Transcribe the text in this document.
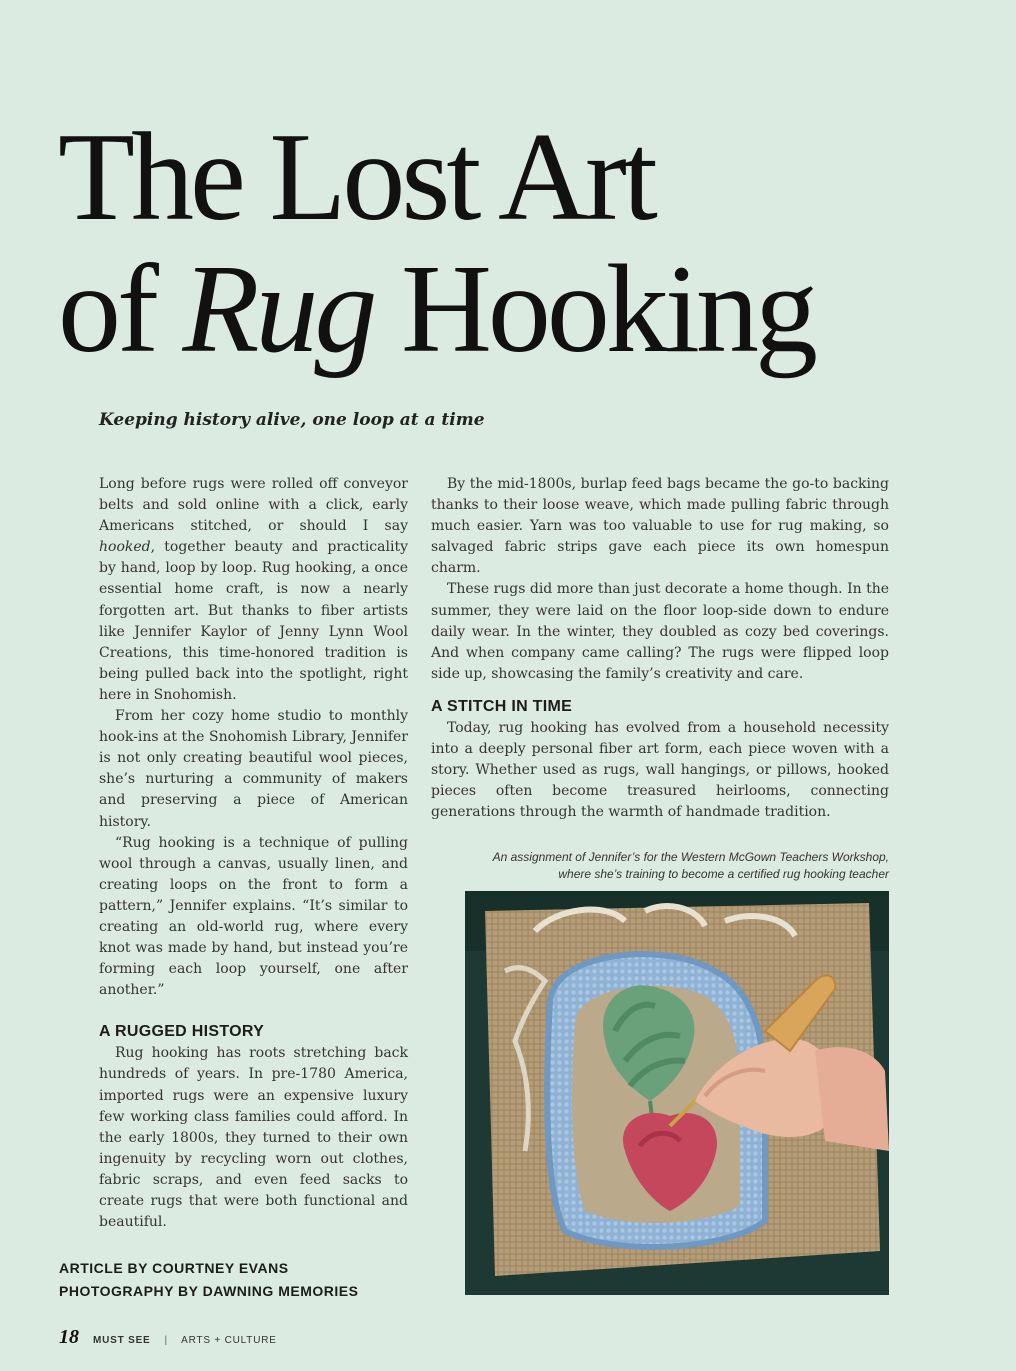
The Lost Art
of Rug Hooking
Keeping history alive, one loop at a time

Long before rugs were rolled off conveyor belts and sold online with a click, early Americans stitched, or should I say hooked, together beauty and practicality by hand, loop by loop. Rug hooking, a once essential home craft, is now a nearly forgotten art. But thanks to fiber artists like Jennifer Kaylor of Jenny Lynn Wool Creations, this time-honored tradition is being pulled back into the spotlight, right here in Snohomish.

From her cozy home studio to monthly hook-ins at the Snohomish Library, Jennifer is not only creating beautiful wool pieces, she’s nurturing a community of makers and preserving a piece of American history.

“Rug hooking is a technique of pulling wool through a canvas, usually linen, and creating loops on the front to form a pattern,” Jennifer explains. “It’s similar to creating an old-world rug, where every knot was made by hand, but instead you’re forming each loop yourself, one after another.”

A RUGGED HISTORY

Rug hooking has roots stretching back hundreds of years. In pre-1780 America, imported rugs were an expensive luxury few working class families could afford. In the early 1800s, they turned to their own ingenuity by recycling worn out clothes, fabric scraps, and even feed sacks to create rugs that were both functional and beautiful.

By the mid-1800s, burlap feed bags became the go-to backing thanks to their loose weave, which made pulling fabric through much easier. Yarn was too valuable to use for rug making, so salvaged fabric strips gave each piece its own homespun charm.

These rugs did more than just decorate a home though. In the summer, they were laid on the floor loop-side down to endure daily wear. In the winter, they doubled as cozy bed coverings. And when company came calling? The rugs were flipped loop side up, showcasing the family’s creativity and care.

A STITCH IN TIME

Today, rug hooking has evolved from a household necessity into a deeply personal fiber art form, each piece woven with a story. Whether used as rugs, wall hangings, or pillows, hooked pieces often become treasured heirlooms, connecting generations through the warmth of handmade tradition.

An assignment of Jennifer’s for the Western McGown Teachers Workshop,
where she’s training to become a certified rug hooking teacher
ARTICLE BY COURTNEY EVANS
PHOTOGRAPHY BY DAWNING MEMORIES
18 MUST SEE | ARTS + CULTURE
